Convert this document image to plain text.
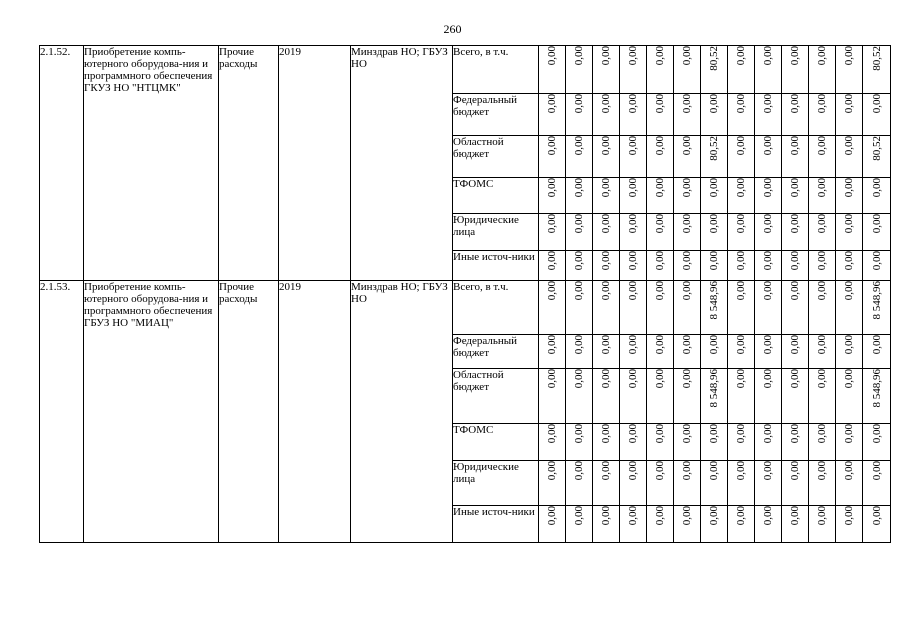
260
2.1.52.	Приобретение компь-ютерного оборудова-ния и программного обеспечения ГКУЗ НО "НТЦМК"	Прочие расходы	2019	Минздрав НО; ГБУЗ НО	Всего, в т.ч.	0,00	0,00	0,00	0,00	0,00	0,00	80,52	0,00	0,00	0,00	0,00	0,00	80,52
					Федеральный бюджет	0,00	0,00	0,00	0,00	0,00	0,00	0,00	0,00	0,00	0,00	0,00	0,00	0,00
					Областной бюджет	0,00	0,00	0,00	0,00	0,00	0,00	80,52	0,00	0,00	0,00	0,00	0,00	80,52
					ТФОМС	0,00	0,00	0,00	0,00	0,00	0,00	0,00	0,00	0,00	0,00	0,00	0,00	0,00
					Юридические лица	0,00	0,00	0,00	0,00	0,00	0,00	0,00	0,00	0,00	0,00	0,00	0,00	0,00
					Иные источ-ники	0,00	0,00	0,00	0,00	0,00	0,00	0,00	0,00	0,00	0,00	0,00	0,00	0,00
2.1.53.	Приобретение компь-ютерного оборудова-ния и программного обеспечения ГБУЗ НО "МИАЦ"	Прочие расходы	2019	Минздрав НО; ГБУЗ НО	Всего, в т.ч.	0,00	0,00	0,00	0,00	0,00	0,00	8 548,96	0,00	0,00	0,00	0,00	0,00	8 548,96
					Федеральный бюджет	0,00	0,00	0,00	0,00	0,00	0,00	0,00	0,00	0,00	0,00	0,00	0,00	0,00
					Областной бюджет	0,00	0,00	0,00	0,00	0,00	0,00	8 548,96	0,00	0,00	0,00	0,00	0,00	8 548,96
					ТФОМС	0,00	0,00	0,00	0,00	0,00	0,00	0,00	0,00	0,00	0,00	0,00	0,00	0,00
					Юридические лица	0,00	0,00	0,00	0,00	0,00	0,00	0,00	0,00	0,00	0,00	0,00	0,00	0,00
					Иные источ-ники	0,00	0,00	0,00	0,00	0,00	0,00	0,00	0,00	0,00	0,00	0,00	0,00	0,00
